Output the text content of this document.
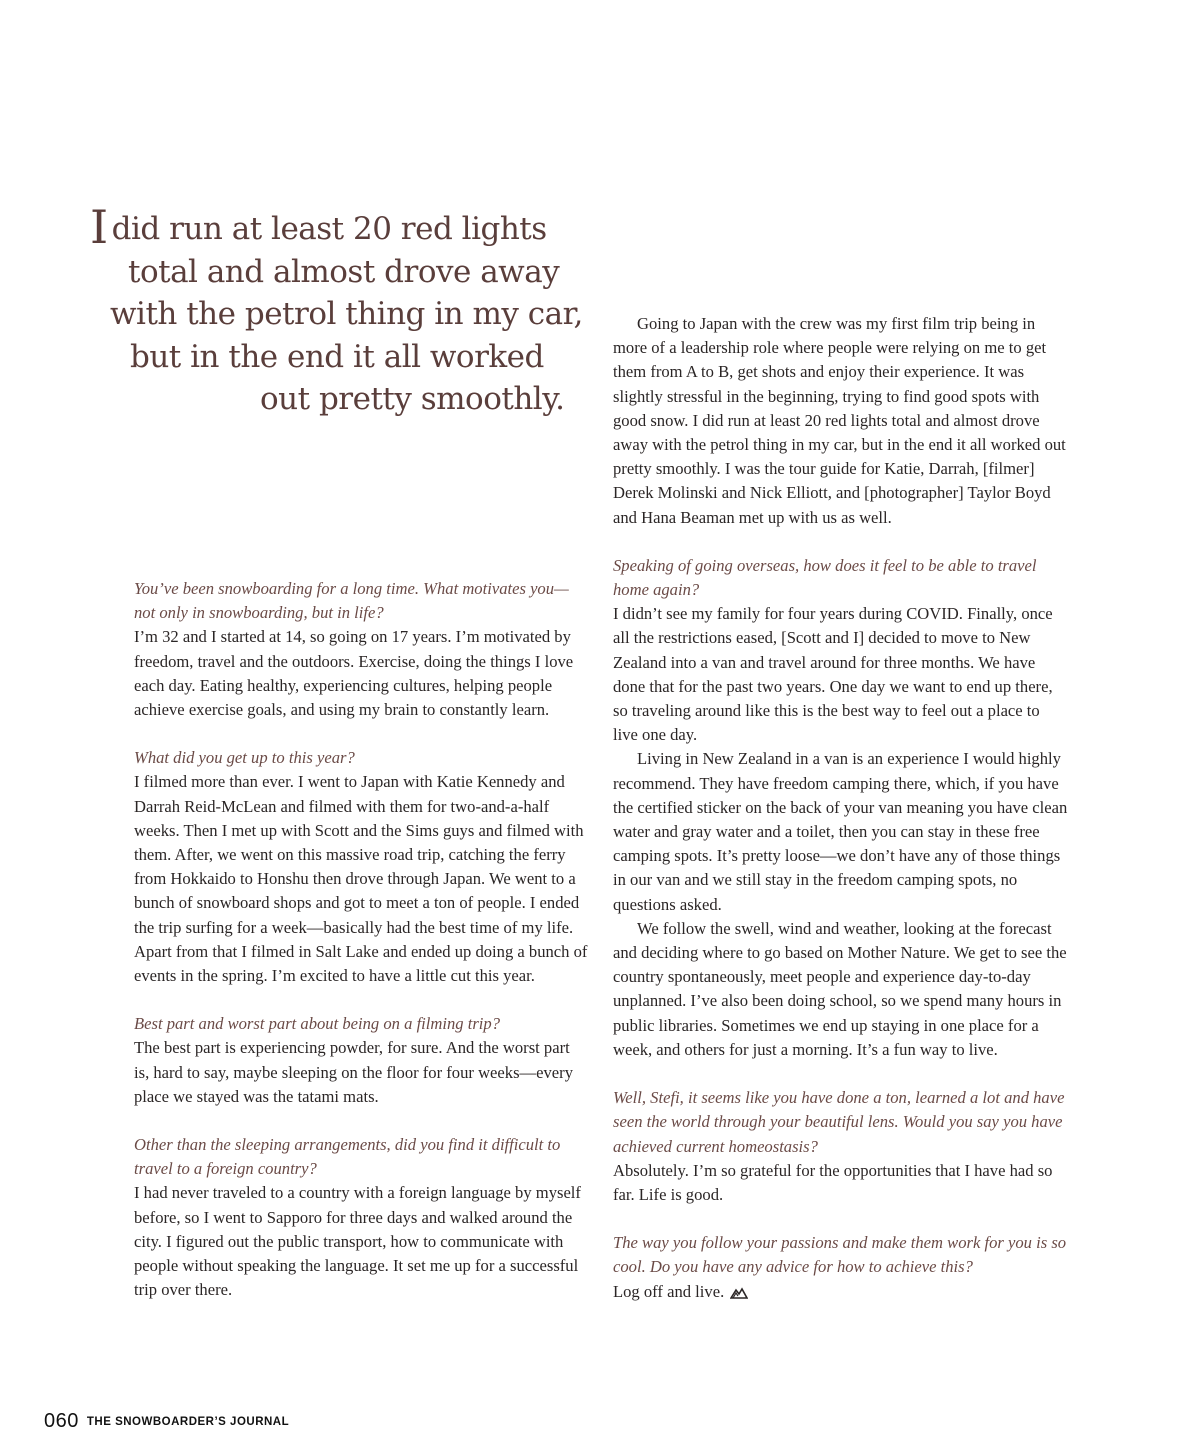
I did run at least 20 red lights
total and almost drove away
with the petrol thing in my car,
but in the end it all worked
out pretty smoothly.

You’ve been snowboarding for a long time. What motivates you—not only in snowboarding, but in life?

I’m 32 and I started at 14, so going on 17 years. I’m motivated by freedom, travel and the outdoors. Exercise, doing the things I love each day. Eating healthy, experiencing cultures, helping people achieve exercise goals, and using my brain to constantly learn.

What did you get up to this year?

I filmed more than ever. I went to Japan with Katie Kennedy and Darrah Reid-McLean and filmed with them for two-and-a-half weeks. Then I met up with Scott and the Sims guys and filmed with them. After, we went on this massive road trip, catching the ferry from Hokkaido to Honshu then drove through Japan. We went to a bunch of snowboard shops and got to meet a ton of people. I ended the trip surfing for a week—basically had the best time of my life. Apart from that I filmed in Salt Lake and ended up doing a bunch of events in the spring. I’m excited to have a little cut this year.

Best part and worst part about being on a filming trip?

The best part is experiencing powder, for sure. And the worst part is, hard to say, maybe sleeping on the floor for four weeks—every place we stayed was the tatami mats.

Other than the sleeping arrangements, did you find it difficult to travel to a foreign country?

I had never traveled to a country with a foreign language by myself before, so I went to Sapporo for three days and walked around the city. I figured out the public transport, how to communicate with people without speaking the language. It set me up for a successful trip over there.

Going to Japan with the crew was my first film trip being in more of a leadership role where people were relying on me to get them from A to B, get shots and enjoy their experience. It was slightly stressful in the beginning, trying to find good spots with good snow. I did run at least 20 red lights total and almost drove away with the petrol thing in my car, but in the end it all worked out pretty smoothly. I was the tour guide for Katie, Darrah, [filmer] Derek Molinski and Nick Elliott, and [photographer] Taylor Boyd and Hana Beaman met up with us as well.

Speaking of going overseas, how does it feel to be able to travel home again?

I didn’t see my family for four years during COVID. Finally, once all the restrictions eased, [Scott and I] decided to move to New Zealand into a van and travel around for three months. We have done that for the past two years. One day we want to end up there, so traveling around like this is the best way to feel out a place to live one day.

Living in New Zealand in a van is an experience I would highly recommend. They have freedom camping there, which, if you have the certified sticker on the back of your van meaning you have clean water and gray water and a toilet, then you can stay in these free camping spots. It’s pretty loose—we don’t have any of those things in our van and we still stay in the freedom camping spots, no questions asked.

We follow the swell, wind and weather, looking at the forecast and deciding where to go based on Mother Nature. We get to see the country spontaneously, meet people and experience day-to-day unplanned. I’ve also been doing school, so we spend many hours in public libraries. Sometimes we end up staying in one place for a week, and others for just a morning. It’s a fun way to live.

Well, Stefi, it seems like you have done a ton, learned a lot and have seen the world through your beautiful lens. Would you say you have achieved current homeostasis?

Absolutely. I’m so grateful for the opportunities that I have had so far. Life is good.

The way you follow your passions and make them work for you is so cool. Do you have any advice for how to achieve this?

Log off and live.

060 THE SNOWBOARDER’S JOURNAL
